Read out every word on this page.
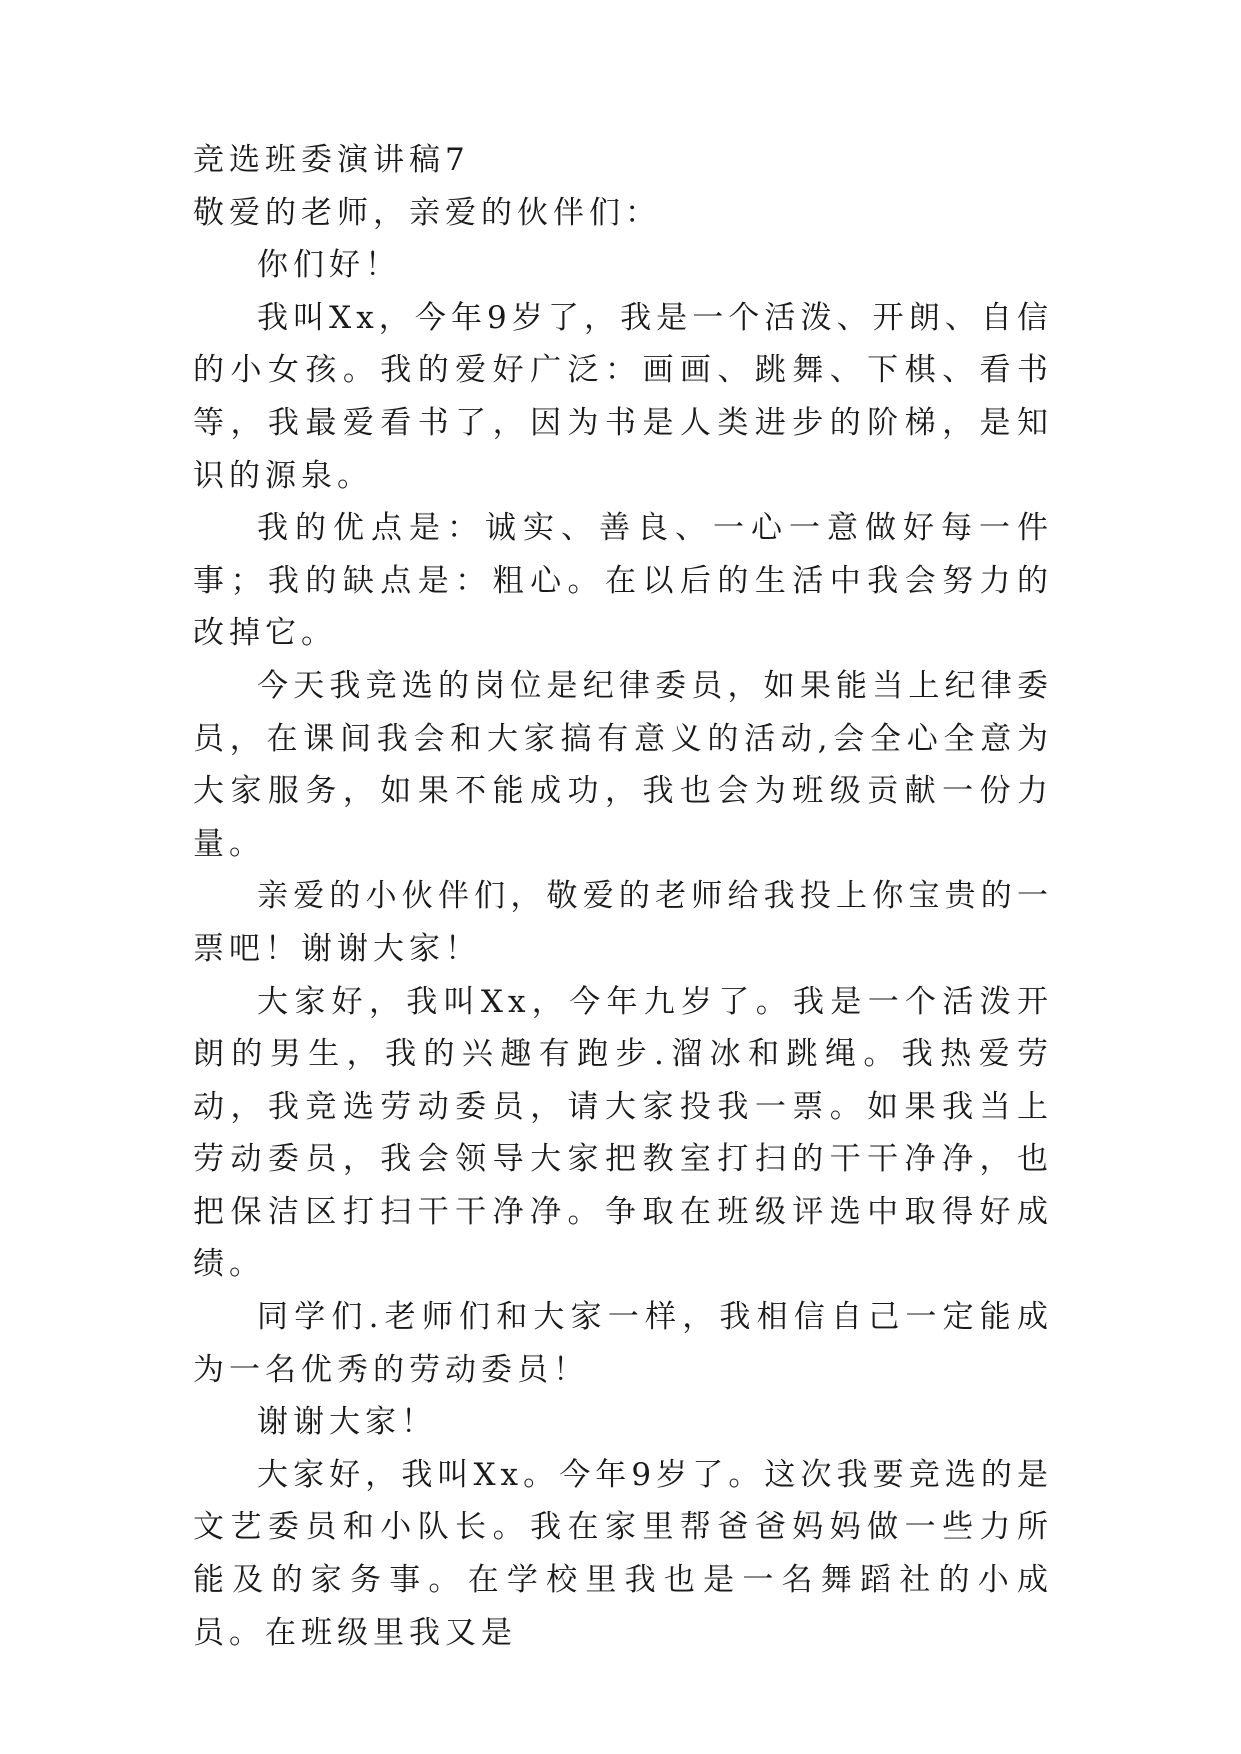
竞选班委演讲稿7

敬爱的老师，亲爱的伙伴们：

你们好！

我叫Xx，今年9岁了，我是一个活泼、开朗、自信的小女孩。我的爱好广泛：画画、跳舞、下棋、看书等，我最爱看书了，因为书是人类进步的阶梯，是知识的源泉。

我的优点是：诚实、善良、一心一意做好每一件事；我的缺点是：粗心。在以后的生活中我会努力的改掉它。

今天我竞选的岗位是纪律委员，如果能当上纪律委员，在课间我会和大家搞有意义的活动,会全心全意为大家服务，如果不能成功，我也会为班级贡献一份力量。

亲爱的小伙伴们，敬爱的老师给我投上你宝贵的一票吧！谢谢大家！

大家好，我叫Xx，今年九岁了。我是一个活泼开朗的男生，我的兴趣有跑步.溜冰和跳绳。我热爱劳动，我竞选劳动委员，请大家投我一票。如果我当上劳动委员，我会领导大家把教室打扫的干干净净，也把保洁区打扫干干净净。争取在班级评选中取得好成绩。

同学们.老师们和大家一样，我相信自己一定能成为一名优秀的劳动委员！

谢谢大家！

大家好，我叫Xx。今年9岁了。这次我要竞选的是文艺委员和小队长。我在家里帮爸爸妈妈做一些力所能及的家务事。在学校里我也是一名舞蹈社的小成员。在班级里我又是
